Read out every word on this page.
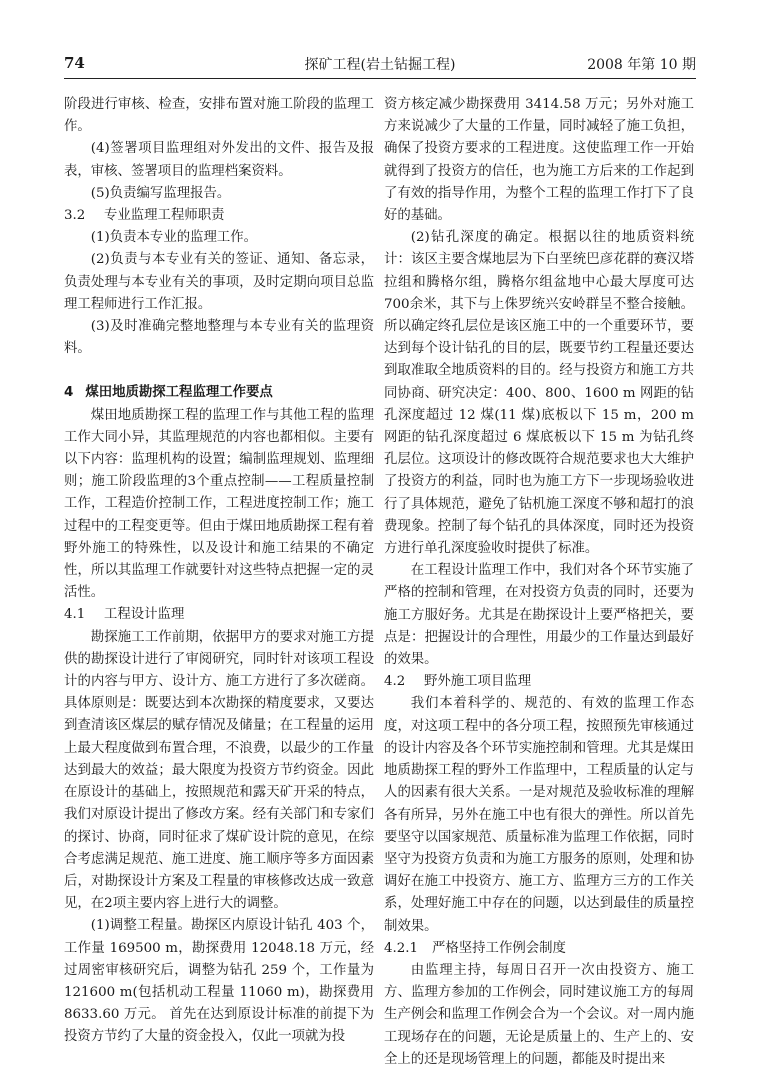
74	探矿工程(岩土钻掘工程)	2008 年第 10 期

阶段进行审核、检查，安排布置对施工阶段的监理工作。

(4)签署项目监理组对外发出的文件、报告及报表，审核、签署项目的监理档案资料。

(5)负责编写监理报告。

3.2 专业监理工程师职责

(1)负责本专业的监理工作。

(2)负责与本专业有关的签证、通知、备忘录，负责处理与本专业有关的事项，及时定期向项目总监理工程师进行工作汇报。

(3)及时准确完整地整理与本专业有关的监理资料。

4 煤田地质勘探工程监理工作要点

煤田地质勘探工程的监理工作与其他工程的监理工作大同小异，其监理规范的内容也都相似。主要有以下内容：监理机构的设置；编制监理规划、监理细则；施工阶段监理的3个重点控制——工程质量控制工作，工程造价控制工作，工程进度控制工作；施工过程中的工程变更等。但由于煤田地质勘探工程有着野外施工的特殊性，以及设计和施工结果的不确定性，所以其监理工作就要针对这些特点把握一定的灵活性。

4.1 工程设计监理

勘探施工工作前期，依据甲方的要求对施工方提供的勘探设计进行了审阅研究，同时针对该项工程设计的内容与甲方、设计方、施工方进行了多次磋商。具体原则是：既要达到本次勘探的精度要求，又要达到查清该区煤层的赋存情况及储量；在工程量的运用上最大程度做到布置合理，不浪费，以最少的工作量达到最大的效益；最大限度为投资方节约资金。因此在原设计的基础上，按照规范和露天矿开采的特点，我们对原设计提出了修改方案。经有关部门和专家们的探讨、协商，同时征求了煤矿设计院的意见，在综合考虑满足规范、施工进度、施工顺序等多方面因素后，对勘探设计方案及工程量的审核修改达成一致意见，在2项主要内容上进行大的调整。

(1)调整工程量。勘探区内原设计钻孔 403 个，工作量 169500 m，勘探费用 12048.18 万元，经过周密审核研究后，调整为钻孔 259 个，工作量为 121600 m(包括机动工程量 11060 m)，勘探费用 8633.60 万元。 首先在达到原设计标准的前提下为投资方节约了大量的资金投入，仅此一项就为投

资方核定减少勘探费用 3414.58 万元；另外对施工方来说减少了大量的工作量，同时减轻了施工负担，确保了投资方要求的工程进度。这使监理工作一开始就得到了投资方的信任，也为施工方后来的工作起到了有效的指导作用，为整个工程的监理工作打下了良好的基础。

(2)钻孔深度的确定。根据以往的地质资料统计：该区主要含煤地层为下白垩统巴彦花群的赛汉塔拉组和腾格尔组，腾格尔组盆地中心最大厚度可达700余米，其下与上侏罗统兴安岭群呈不整合接触。所以确定终孔层位是该区施工中的一个重要环节，要达到每个设计钻孔的目的层，既要节约工程量还要达到取准取全地质资料的目的。经与投资方和施工方共同协商、研究决定：400、800、1600 m 网距的钻孔深度超过 12 煤(11 煤)底板以下 15 m，200 m 网距的钻孔深度超过 6 煤底板以下 15 m 为钻孔终孔层位。这项设计的修改既符合规范要求也大大维护了投资方的利益，同时也为施工方下一步现场验收进行了具体规范，避免了钻机施工深度不够和超打的浪费现象。控制了每个钻孔的具体深度，同时还为投资方进行单孔深度验收时提供了标准。

在工程设计监理工作中，我们对各个环节实施了严格的控制和管理，在对投资方负责的同时，还要为施工方服好务。尤其是在勘探设计上要严格把关，要点是：把握设计的合理性，用最少的工作量达到最好的效果。

4.2 野外施工项目监理

我们本着科学的、规范的、有效的监理工作态度，对这项工程中的各分项工程，按照预先审核通过的设计内容及各个环节实施控制和管理。尤其是煤田地质勘探工程的野外工作监理中，工程质量的认定与人的因素有很大关系。一是对规范及验收标准的理解各有所异，另外在施工中也有很大的弹性。所以首先要坚守以国家规范、质量标准为监理工作依据，同时坚守为投资方负责和为施工方服务的原则，处理和协调好在施工中投资方、施工方、监理方三方的工作关系，处理好施工中存在的问题，以达到最佳的质量控制效果。

4.2.1 严格坚持工作例会制度

由监理主持，每周日召开一次由投资方、施工方、监理方参加的工作例会，同时建议施工方的每周生产例会和监理工作例会合为一个会议。对一周内施工现场存在的问题，无论是质量上的、生产上的、安全上的还是现场管理上的问题，都能及时提出来
